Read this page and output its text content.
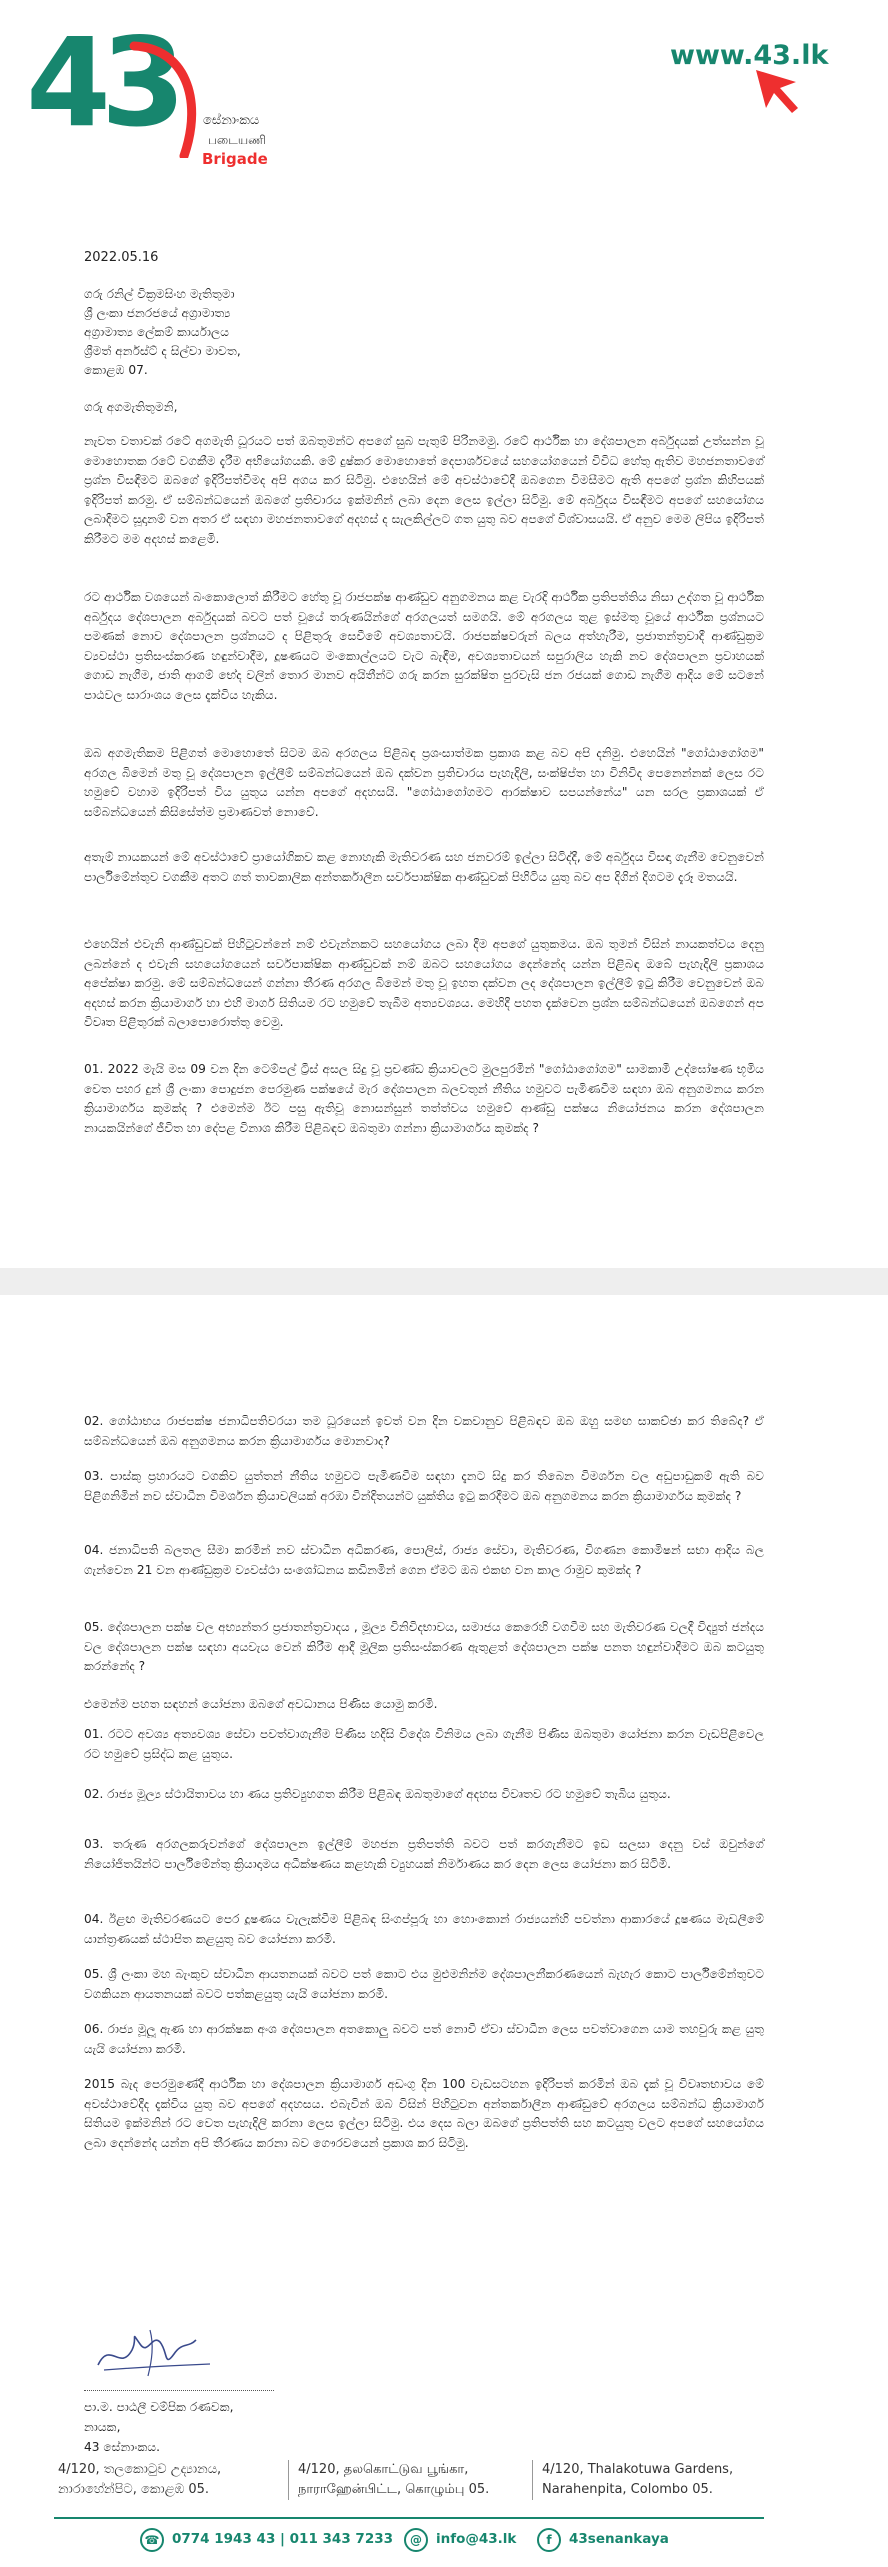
43 සේනාංකය
படையணி
Brigade
www.43.lk
2022.05.16
ගරු රනිල් වික්‍රමසිංහ මැතිතුමා
ශ්‍රී ලංකා ජනරජයේ අග්‍රාමාත්‍ය
අග්‍රාමාත්‍ය ලේකම් කාර්යාලය
ශ්‍රීමත් අර්නස්ට් ද සිල්වා මාවත,
කොළඹ 07.
ගරු අගමැතිතුමනි,

නැවත වතාවක් රටේ අගමැති ධූරයට පත් ඔබතුමන්ට අපගේ සුබ පැතුම් පිරිනමමු. රටේ ආර්ථික හා දේශපාලන අර්බුදයක් උත්සන්න වූ මොහොතක රටේ වගකීම දැරීම අභියෝගයකි. මේ දුෂ්කර මොහොතේ දෙපාර්ශවයේ සහයෝගයෙන් විවිධ හේතු ඇතිව මහජනතාවගේ ප්‍රශ්න විසඳීමට ඔබගේ ඉදිරිපත්වීමද අපි අගය කර සිටිමු. එහෙයින් මේ අවස්ථාවේදී ඔබගෙන විමසීමට ඇති අපගේ ප්‍රශ්න කිහිපයක් ඉදිරිපත් කරමු. ඒ සම්බන්ධයෙන් ඔබගේ ප්‍රතිචාරය ඉක්මනින් ලබා දෙන ලෙස ඉල්ලා සිටිමු. මේ අර්බුදය විසඳීමට අපගේ සහයෝගය ලබාදීමට සූදානම් වන අතර ඒ සඳහා මහජනතාවගේ අදහස් ද සැලකිල්ලට ගත යුතු බව අපගේ විශ්වාසයයි. ඒ අනුව මෙම ලිපිය ඉදිරිපත් කිරීමට මම අදහස් කළෙමි.

රට ආර්ථික වශයෙන් බංකොලොත් කිරීමට හේතු වූ රාජපක්ෂ ආණ්ඩුව අනුගමනය කළ වැරදි ආර්ථික ප්‍රතිපත්තිය නිසා උද්ගත වූ ආර්ථික අර්බුදය දේශපාලන අර්බුදයක් බවට පත් වූයේ තරුණයින්ගේ අරගලයත් සමගයි. මේ අරගලය තුළ ඉස්මතු වූයේ ආර්ථික ප්‍රශ්නයට පමණක් නොව දේශපාලන ප්‍රශ්නයට ද පිළිතුරු සෙවීමේ අවශ්‍යතාවයි. රාජපක්ෂවරුන් බලය අත්හැරීම, ප්‍රජාතන්ත්‍රවාදී ආණ්ඩුක්‍රම ව්‍යවස්ථා ප්‍රතිසංස්කරණ හඳුන්වාදීම, දූෂණයට මංකොල්ලයට වැට බැඳීම, අවශ්‍යතාවයන් සපුරාලිය හැකි නව දේශපාලන ප්‍රවාහයක් ගොඩ නැගීම, ජාති ආගම් භේද වලින් තොර මානව අයිතීන්ට ගරු කරන සුරක්ෂිත පුරවැසි ජන රජයක් ගොඩ නැගීම ආදිය මේ සටනේ පාඨවල සාරාංශය ලෙස දැක්විය හැකිය.

ඔබ අගමැතිකම පිළිගත් මොහොතේ සිටම ඔබ අරගලය පිළිබඳ ප්‍රශංසාත්මක ප්‍රකාශ කළ බව අපි දනිමු. එහෙයින් "ගෝඨාගෝගම" අරගල බිමෙන් මතු වූ දේශපාලන ඉල්ලීම් සම්බන්ධයෙන් ඔබ දක්වන ප්‍රතිචාරය පැහැදිලි, සංක්ෂිප්ත හා විනිවිද පෙනෙන්නක් ලෙස රට හමුවේ වහාම ඉදිරිපත් විය යුතුය යන්න අපගේ අදහසයි. "ගෝඨාගෝගමට ආරක්ෂාව සපයන්නේය" යන සරල ප්‍රකාශයක් ඒ සම්බන්ධයෙන් කිසිසේත්ම ප්‍රමාණවත් නොවේ.

අතැම් නායකයන් මේ අවස්ථාවේ ප්‍රායෝගිකව කළ නොහැකි මැතිවරණ සහ ජනවරම් ඉල්ලා සිටිද්දී, මේ අර්බුදය විසඳා ගැනීම වෙනුවෙන් පාර්ලිමේන්තුව වගකීම අතට ගත් තාවකාලික අන්තර්කාලීන සර්වපාක්ෂික ආණ්ඩුවක් පිහිටිය යුතු බව අප දිගින් දිගටම දැරූ මතයයි.

එහෙයින් එවැනි ආණ්ඩුවක් පිහිටුවන්නේ නම් එවැන්නකට සහයෝගය ලබා දීම අපගේ යුතුකමය. ඔබ තුමන් විසින් නායකත්වය දෙනු ලබන්නේ ද එවැනි සහයෝගයෙන් සර්වපාක්ෂික ආණ්ඩුවක් නම් ඔබට සහයෝගය දෙන්නේද යන්න පිළිබඳ ඔබේ පැහැදිලි ප්‍රකාශය අපේක්ෂා කරමු. මේ සම්බන්ධයෙන් ගන්නා තීරණ අරගල බිමෙන් මතු වූ ඉහත දක්වන ලද දේශපාලන ඉල්ලීම් ඉටු කිරීම වෙනුවෙන් ඔබ අදහස් කරන ක්‍රියාමාර්ග හා එහි මාර්ග සිතියම රට හමුවේ තැබීම අත්‍යවශ්‍යය. මෙහිදී පහත දැක්වෙන ප්‍රශ්න සම්බන්ධයෙන් ඔබගෙන් අප විවෘත පිළිතුරක් බලාපොරොත්තු වෙමු.

01. 2022 මැයි මස 09 වන දින ටෙම්පල් ට්‍රීස් අසල සිදු වූ ප්‍රචණ්ඩ ක්‍රියාවලට මුලපුරමින් "ගෝඨාගෝගම" සාමකාමී උද්ඝෝෂණ භූමිය වෙත පහර දුන් ශ්‍රී ලංකා පොදුජන පෙරමුණ පක්ෂයේ මැර දේශපාලන බලවතුන් නීතිය හමුවට පැමිණවීම සඳහා ඔබ අනුගමනය කරන ක්‍රියාමාර්ගය කුමක්ද ? එමෙන්ම ඊට පසු ඇතිවූ නොසන්සුන් තත්ත්වය හමුවේ ආණ්ඩු පක්ෂය නියෝජනය කරන දේශපාලන නායකයින්ගේ ජීවිත හා දේපළ විනාශ කිරීම පිළිබඳව ඔබතුමා ගන්නා ක්‍රියාමාර්ගය කුමක්ද ?

02. ගෝඨාභය රාජපක්ෂ ජනාධිපතිවරයා තම ධූරයෙන් ඉවත් වන දින වකවානුව පිළිබඳව ඔබ ඔහු සමඟ සාකච්ඡා කර තිබේද? ඒ සම්බන්ධයෙන් ඔබ අනුගමනය කරන ක්‍රියාමාර්ගය මොනවාද?

03. පාස්කු ප්‍රහාරයට වගකිව යුත්තන් නීතිය හමුවට පැමිණවීම සඳහා දැනට සිදු කර තිබෙන විමර්ශන වල අඩුපාඩුකම් ඇති බව පිළිගනිමින් නව ස්වාධීන විමර්ශන ක්‍රියාවලියක් අරඹා වින්දිතයන්ට යුක්තිය ඉටු කරදීමට ඔබ අනුගමනය කරන ක්‍රියාමාර්ගය කුමක්ද ?

04. ජනාධිපති බලතල සීමා කරමින් නව ස්වාධීන අධිකරණ, පොලිස්, රාජ්‍ය සේවා, මැතිවරණ, විගණන කොමිෂන් සභා ආදිය බල ගැන්වෙන 21 වන ආණ්ඩුක්‍රම ව්‍යවස්ථා සංශෝධනය කඩිනමින් ගෙන ඒමට ඔබ එකඟ වන කාල රාමුව කුමක්ද ?

05. දේශපාලන පක්ෂ වල අභ්‍යන්තර ප්‍රජාතන්ත්‍රවාදය , මූල්‍ය විනිවිදභාවය, සමාජය කෙරෙහි වගවීම සහ මැතිවරණ වලදී විද්‍යුත් ජන්දය වල දේශපාලන පක්ෂ සඳහා අයවැය වෙන් කිරීම ආදී මූලික ප්‍රතිසංස්කරණ ඇතුළත් දේශපාලන පක්ෂ පනත හඳුන්වාදීමට ඔබ කටයුතු කරන්නේද ?

එමෙන්ම පහත සඳහන් යෝජනා ඔබගේ අවධානය පිණිස යොමු කරමි.

01. රටට අවශ්‍ය අත්‍යවශ්‍ය සේවා පවත්වාගැනීම පිණිස හදිසි විදේශ විනිමය ලබා ගැනීම පිණිස ඔබතුමා යෝජනා කරන වැඩපිළිවෙල රට හමුවේ ප්‍රසිද්ධ කළ යුතුය.

02. රාජ්‍ය මූල්‍ය ස්ථායිතාවය හා ණය ප්‍රතිව්‍යුහගත කිරීම පිළිබඳ ඔබතුමාගේ අදහස විවෘතව රට හමුවේ තැබිය යුතුය.

03. තරුණ අරගලකරුවන්ගේ දේශපාලන ඉල්ලීම් මහජන ප්‍රතිපත්ති බවට පත් කරගැනීමට ඉඩ සලසා දෙනු වස් ඔවුන්ගේ නියෝජිතයින්ට පාර්ලිමේන්තු ක්‍රියාදාමය අධීක්ෂණය කළහැකි ව්‍යුහයක් නිර්මාණය කර දෙන ලෙස යෝජනා කර සිටිමි.

04. ඊළඟ මැතිවරණයට පෙර දූෂණය වැලැක්වීම පිළිබඳ සිංගප්පූරු හා හොංකොන් රාජ්‍යයන්හි පවත්නා ආකාරයේ දූෂණය මැඩලීමේ යාන්ත්‍රණයක් ස්ථාපිත කළයුතු බව යෝජනා කරමි.

05. ශ්‍රී ලංකා මහ බැංකුව ස්වාධීන ආයතනයක් බවට පත් කොට එය මුළුමනින්ම දේශපාලනීකරණයෙන් බැහැර කොට පාර්ලිමේන්තුවට වගකියන ආයතනයක් බවට පත්කළයුතු යැයි යෝජනා කරමි.

06. රාජ්‍ය මූලූ ඇණ හා ආරක්ෂක අංශ දේශපාලන අතකොලු බවට පත් නොවී ඒවා ස්වාධීන ලෙස පවත්වාගෙන යාම තහවුරු කළ යුතු යැයි යෝජනා කරමි.

2015 බැද පෙරමුණේදී ආර්ථික හා දේශපාලන ක්‍රියාමාර්ග අඩංගු දින 100 වැඩසටහන ඉදිරිපත් කරමින් ඔබ දැක් වූ විවෘතභාවය මේ අවස්ථාවේදීද දැක්විය යුතු බව අපගේ අදහසය. එබැවින් ඔබ විසින් පිහිටුවන අන්තර්කාලීන ආණ්ඩුවේ අරගලය සම්බන්ධ ක්‍රියාමාර්ග සිතියම ඉක්මනින් රට වෙත පැහැදිලි කරනා ලෙස ඉල්ලා සිටිමු. එය දෙස බලා ඔබගේ ප්‍රතිපත්ති සහ කටයුතු වලට අපගේ සහයෝගය ලබා දෙන්නේද යන්න අපි තීරණය කරනා බව ගෞරවයෙන් ප්‍රකාශ කර සිටිමු.

පා.ම. පාඨලී චම්පික රණවක,
නායක,
43 සේනාංකය.
4/120, තලකොටුව උද්‍යානය,
නාරාහේන්පිට, කොළඹ 05.
4/120, தலகொட்டுவ பூங்கா,
நாராஹேன்பிட்ட, கொழும்பு 05.
4/120, Thalakotuwa Gardens,
Narahenpita, Colombo 05.
☎ 0774 1943 43 | 011 343 7233	@	info@43.lk	f	43senankaya
